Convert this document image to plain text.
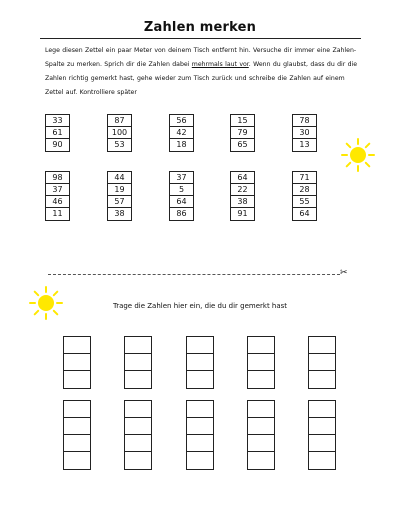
Zahlen merken
Lege diesen Zettel ein paar Meter von deinem Tisch entfernt hin. Versuche dir immer eine Zahlen-Spalte zu merken. Sprich dir die Zahlen dabei mehrmals laut vor. Wenn du glaubst, dass du dir die Zahlen richtig gemerkt hast, gehe wieder zum Tisch zurück und schreibe die Zahlen auf einem Zettel auf. Kontrolliere später
33
61
90
87
100
53
56
42
18
15
79
65
78
30
13
98
37
46
11
44
19
57
38
37
5
64
86
64
22
38
91
71
28
55
64
✂
Trage die Zahlen hier ein, die du dir gemerkt hast
